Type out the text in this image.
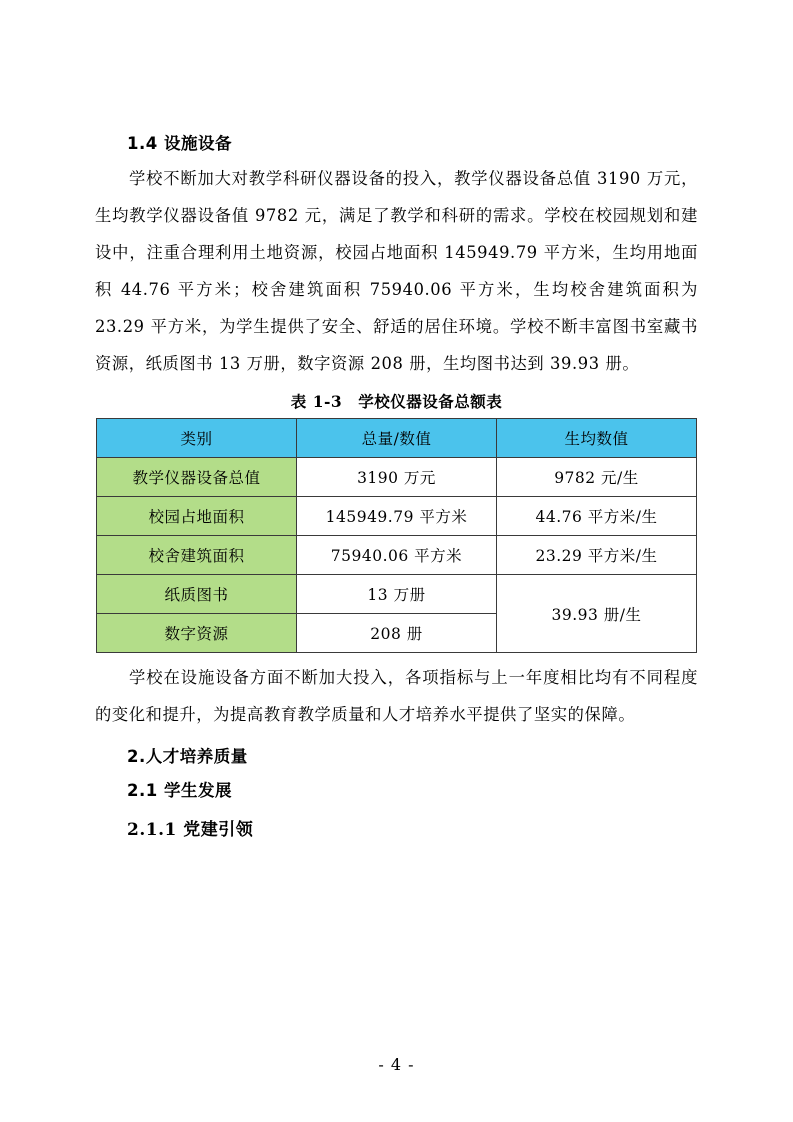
1.4 设施设备

学校不断加大对教学科研仪器设备的投入，教学仪器设备总值 3190 万元，生均教学仪器设备值 9782 元，满足了教学和科研的需求。学校在校园规划和建设中，注重合理利用土地资源，校园占地面积 145949.79 平方米，生均用地面积 44.76 平方米；校舍建筑面积 75940.06 平方米，生均校舍建筑面积为 23.29 平方米，为学生提供了安全、舒适的居住环境。学校不断丰富图书室藏书资源，纸质图书 13 万册，数字资源 208 册，生均图书达到 39.93 册。

表 1-3　学校仪器设备总额表
类别	总量/数值	生均数值
教学仪器设备总值	3190 万元	9782 元/生
校园占地面积	145949.79 平方米	44.76 平方米/生
校舍建筑面积	75940.06 平方米	23.29 平方米/生
纸质图书	13 万册	39.93 册/生
数字资源	208 册	

学校在设施设备方面不断加大投入，各项指标与上一年度相比均有不同程度的变化和提升，为提高教育教学质量和人才培养水平提供了坚实的保障。

2.人才培养质量
2.1 学生发展
2.1.1 党建引领
- 4 -
